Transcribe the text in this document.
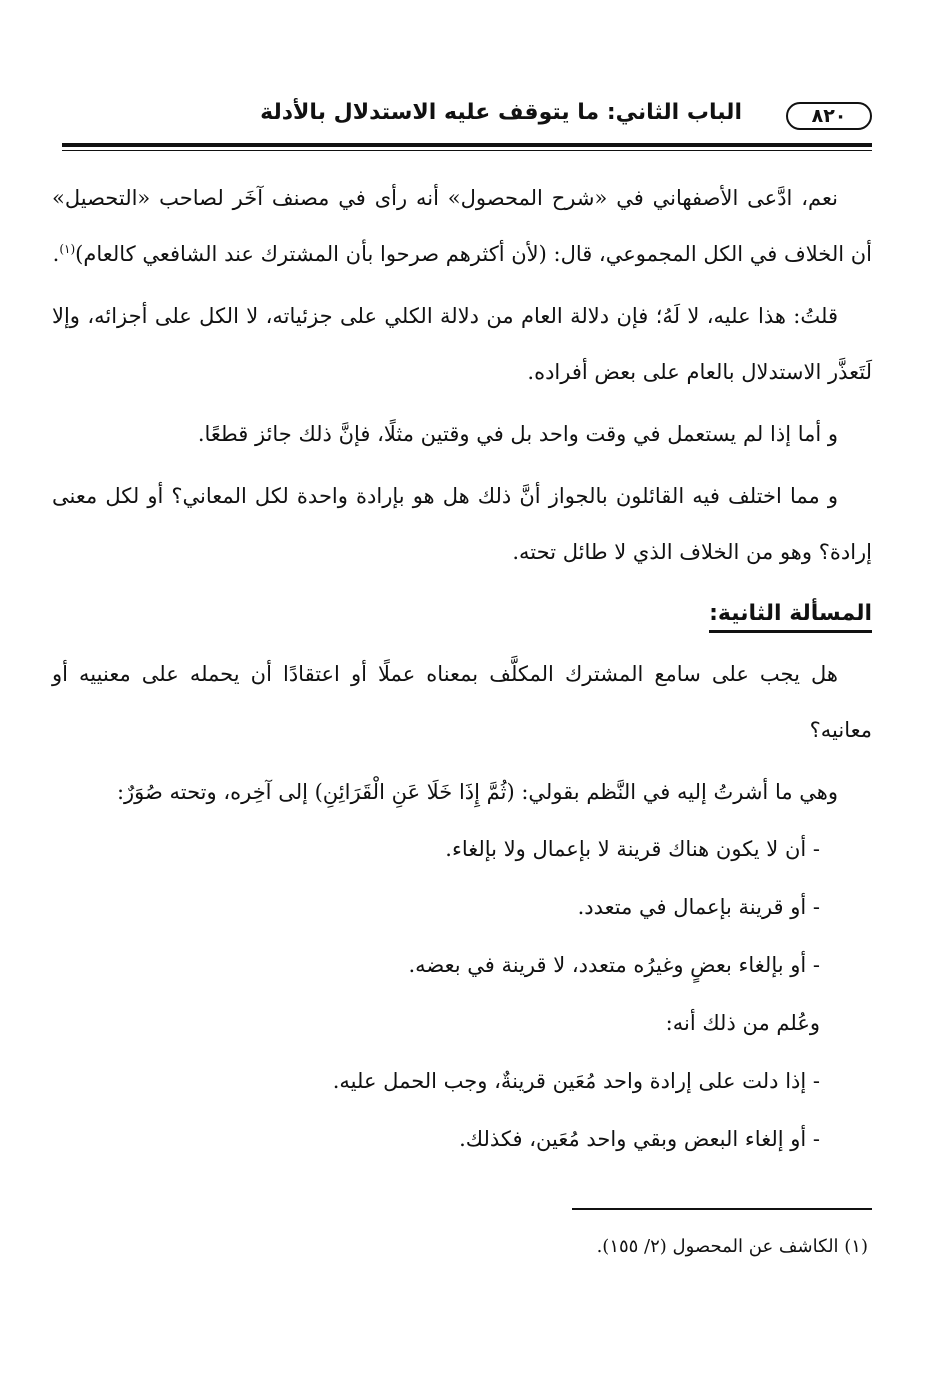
٨٢٠
الباب الثاني: ما يتوقف عليه الاستدلال بالأدلة

نعم، ادَّعى الأصفهاني في «شرح المحصول» أنه رأى في مصنف آخَر لصاحب «التحصيل» أن الخلاف في الكل المجموعي، قال: (لأن أكثرهم صرحوا بأن المشترك عند الشافعي كالعام)$^{(١)}$.

قلتُ: هذا عليه، لا لَهُ؛ فإن دلالة العام من دلالة الكلي على جزئياته، لا الكل على أجزائه، وإلا لَتَعذَّر الاستدلال بالعام على بعض أفراده.

و أما إذا لم يستعمل في وقت واحد بل في وقتين مثلًا، فإنَّ ذلك جائز قطعًا.

و مما اختلف فيه القائلون بالجواز أنَّ ذلك هل هو بإرادة واحدة لكل المعاني؟ أو لكل معنى إرادة؟ وهو من الخلاف الذي لا طائل تحته.

المسألة الثانية:

هل يجب على سامع المشترك المكلَّف بمعناه عملًا أو اعتقادًا أن يحمله على معنييه أو معانيه؟

وهي ما أشرتُ إليه في النَّظم بقولي: (ثُمَّ إِذَا خَلَا عَنِ الْقَرَائِنِ) إلى آخِره، وتحته صُوَرٌ:

- أن لا يكون هناك قرينة لا بإعمال ولا بإلغاء.

- أو قرينة بإعمال في متعدد.

- أو بإلغاء بعضٍ وغيرُه متعدد، لا قرينة في بعضه.

وعُلم من ذلك أنه:

- إذا دلت على إرادة واحد مُعَين قرينةٌ، وجب الحمل عليه.

- أو إلغاء البعض وبقي واحد مُعَين، فكذلك.

(١) الكاشف عن المحصول (٢/ ١٥٥).
